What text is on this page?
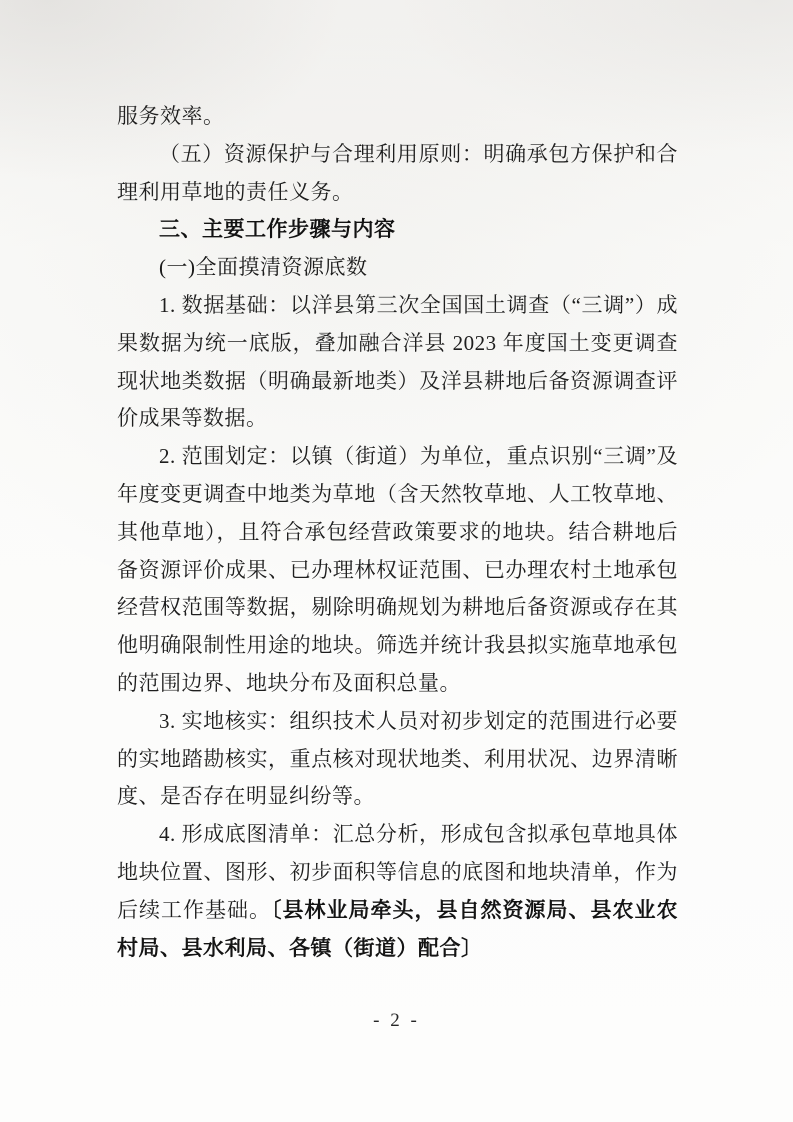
服务效率。

（五）资源保护与合理利用原则：明确承包方保护和合理利用草地的责任义务。

三、主要工作步骤与内容

(一)全面摸清资源底数

1. 数据基础：以洋县第三次全国国土调查（“三调”）成果数据为统一底版，叠加融合洋县 2023 年度国土变更调查现状地类数据（明确最新地类）及洋县耕地后备资源调查评价成果等数据。

2. 范围划定：以镇（街道）为单位，重点识别“三调”及年度变更调查中地类为草地（含天然牧草地、人工牧草地、其他草地），且符合承包经营政策要求的地块。结合耕地后备资源评价成果、已办理林权证范围、已办理农村土地承包经营权范围等数据，剔除明确规划为耕地后备资源或存在其他明确限制性用途的地块。筛选并统计我县拟实施草地承包的范围边界、地块分布及面积总量。

3. 实地核实：组织技术人员对初步划定的范围进行必要的实地踏勘核实，重点核对现状地类、利用状况、边界清晰度、是否存在明显纠纷等。

4. 形成底图清单：汇总分析，形成包含拟承包草地具体地块位置、图形、初步面积等信息的底图和地块清单，作为后续工作基础。〔县林业局牵头，县自然资源局、县农业农村局、县水利局、各镇（街道）配合〕

- 2 -
